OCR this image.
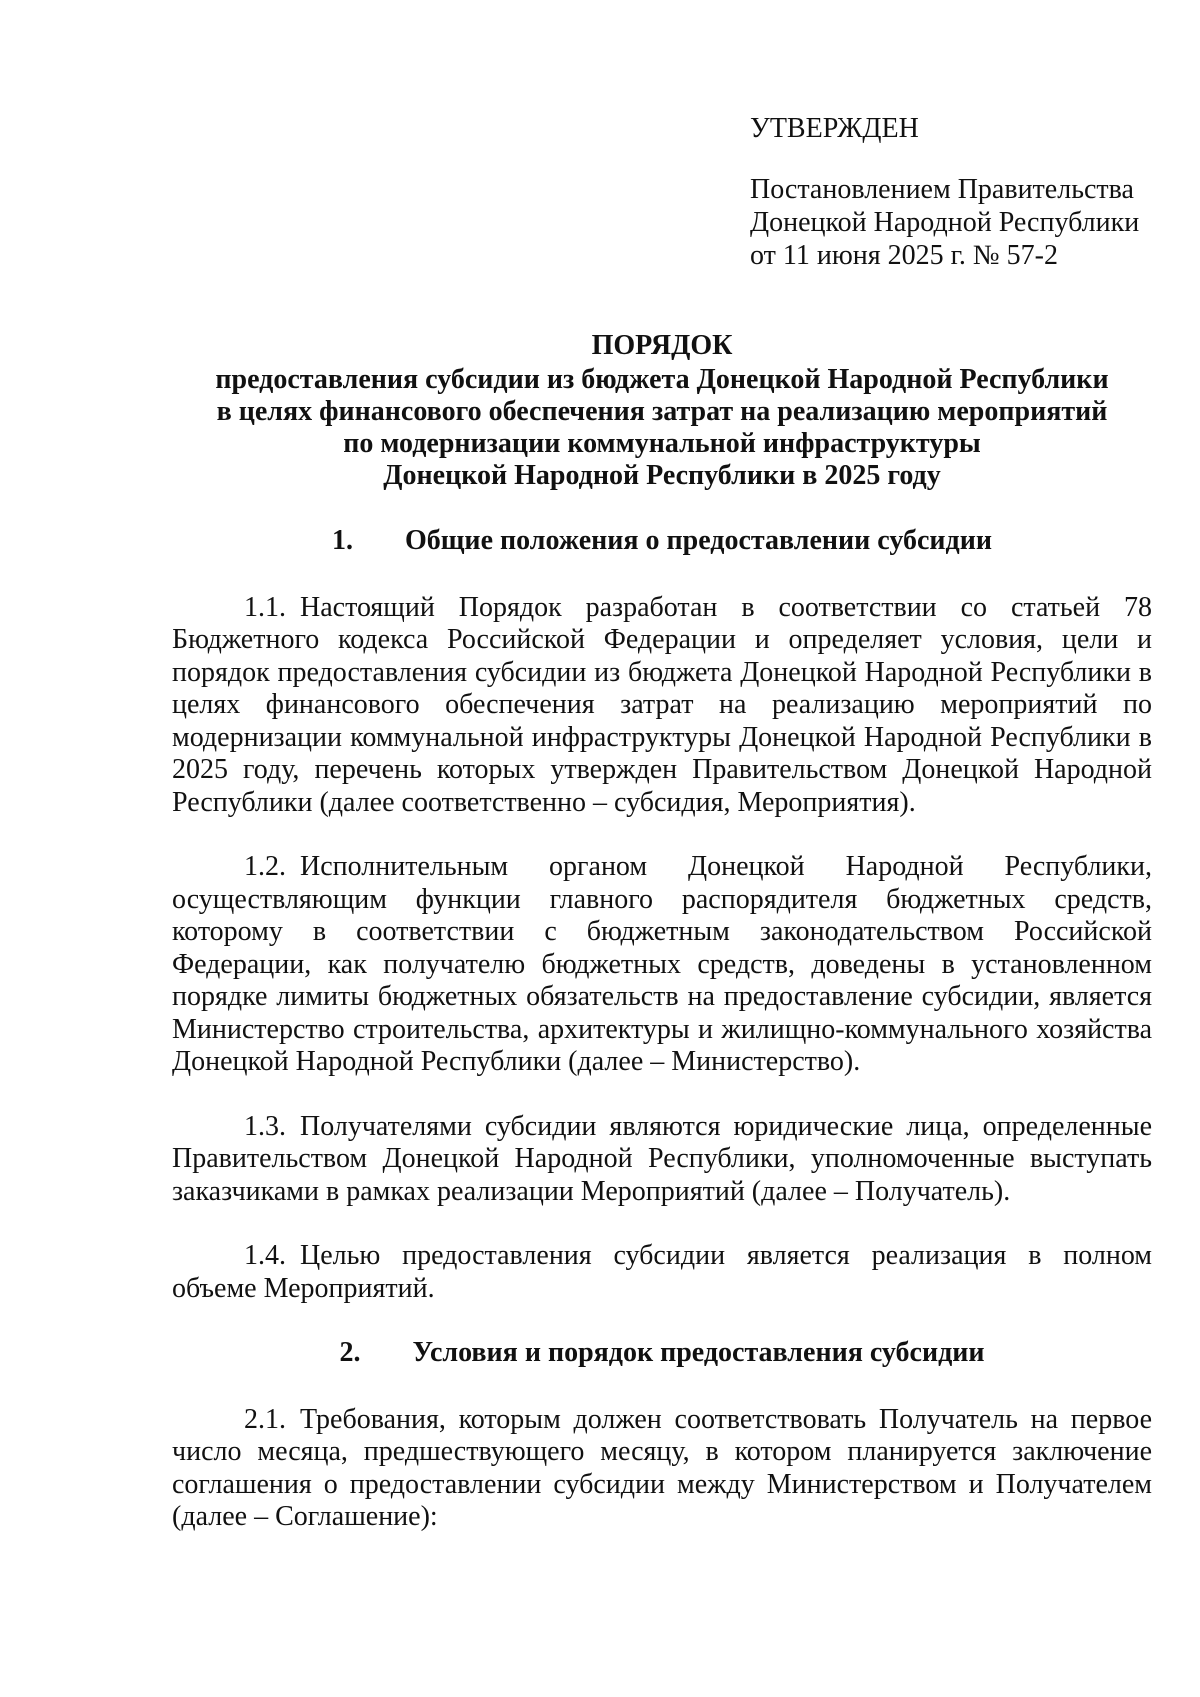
УТВЕРЖДЕН

Постановлением Правительства
Донецкой Народной Республики
от 11 июня 2025 г. № 57-2
ПОРЯДОК
предоставления субсидии из бюджета Донецкой Народной Республики
в целях финансового обеспечения затрат на реализацию мероприятий
по модернизации коммунальной инфраструктуры
Донецкой Народной Республики в 2025 году

1. Общие положения о предоставлении субсидии

1.1. Настоящий Порядок разработан в соответствии со статьей 78 Бюджетного кодекса Российской Федерации и определяет условия, цели и порядок предоставления субсидии из бюджета Донецкой Народной Республики в целях финансового обеспечения затрат на реализацию мероприятий по модернизации коммунальной инфраструктуры Донецкой Народной Республики в 2025 году, перечень которых утвержден Правительством Донецкой Народной Республики (далее соответственно – субсидия, Мероприятия).

1.2. Исполнительным органом Донецкой Народной Республики, осуществляющим функции главного распорядителя бюджетных средств, которому в соответствии с бюджетным законодательством Российской Федерации, как получателю бюджетных средств, доведены в установленном порядке лимиты бюджетных обязательств на предоставление субсидии, является Министерство строительства, архитектуры и жилищно-коммунального хозяйства Донецкой Народной Республики (далее – Министерство).

1.3. Получателями субсидии являются юридические лица, определенные Правительством Донецкой Народной Республики, уполномоченные выступать заказчиками в рамках реализации Мероприятий (далее – Получатель).

1.4. Целью предоставления субсидии является реализация в полном объеме Мероприятий.

2. Условия и порядок предоставления субсидии

2.1. Требования, которым должен соответствовать Получатель на первое число месяца, предшествующего месяцу, в котором планируется заключение соглашения о предоставлении субсидии между Министерством и Получателем (далее – Соглашение):
